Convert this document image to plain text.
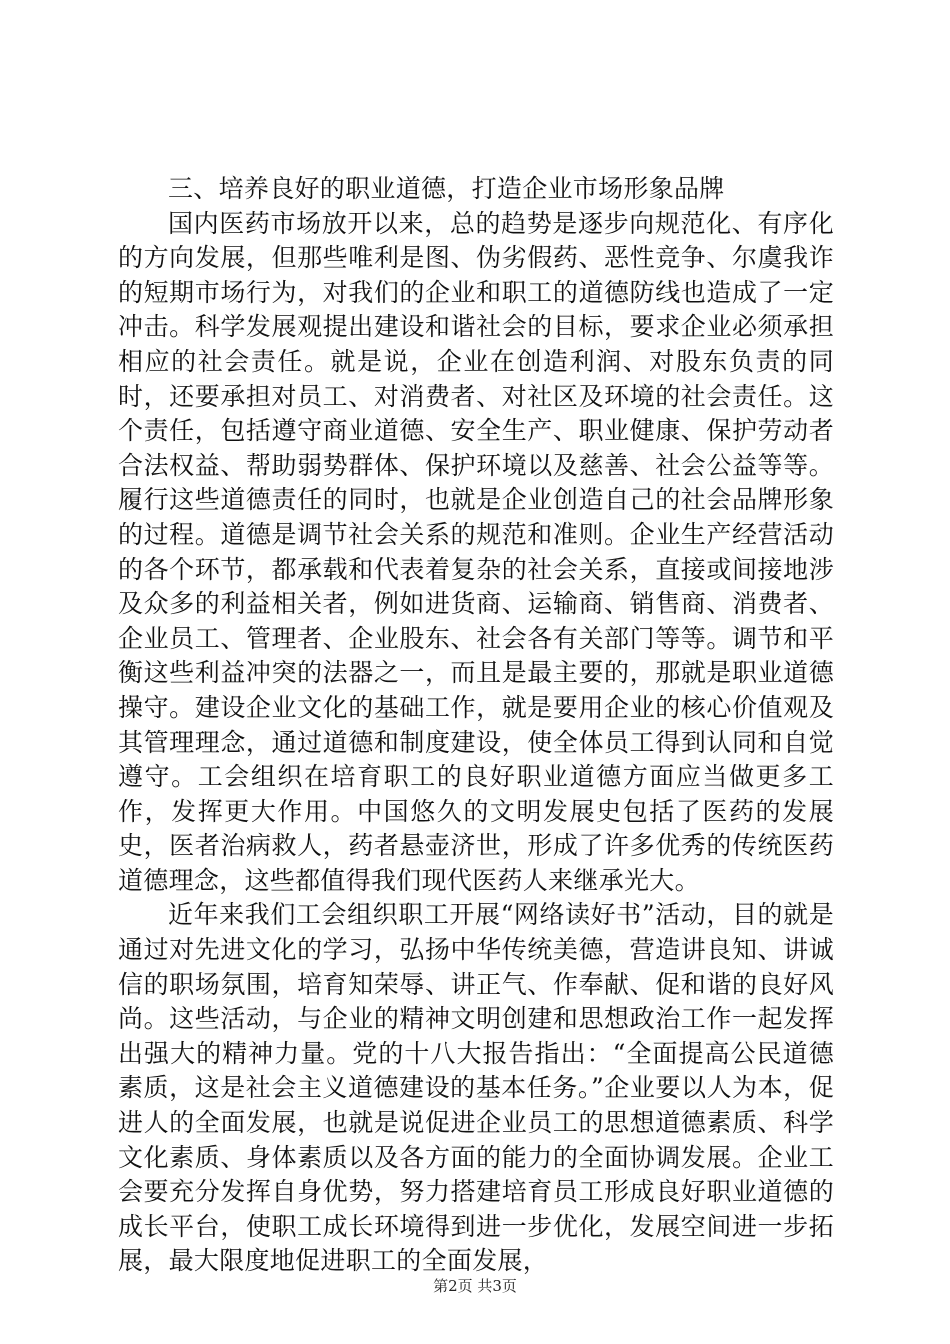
三、培养良好的职业道德，打造企业市场形象品牌

国内医药市场放开以来，总的趋势是逐步向规范化、有序化的方向发展，但那些唯利是图、伪劣假药、恶性竞争、尔虞我诈的短期市场行为，对我们的企业和职工的道德防线也造成了一定冲击。科学发展观提出建设和谐社会的目标，要求企业必须承担相应的社会责任。就是说，企业在创造利润、对股东负责的同时，还要承担对员工、对消费者、对社区及环境的社会责任。这个责任，包括遵守商业道德、安全生产、职业健康、保护劳动者合法权益、帮助弱势群体、保护环境以及慈善、社会公益等等。履行这些道德责任的同时，也就是企业创造自己的社会品牌形象的过程。道德是调节社会关系的规范和准则。企业生产经营活动的各个环节，都承载和代表着复杂的社会关系，直接或间接地涉及众多的利益相关者，例如进货商、运输商、销售商、消费者、企业员工、管理者、企业股东、社会各有关部门等等。调节和平衡这些利益冲突的法器之一，而且是最主要的，那就是职业道德操守。建设企业文化的基础工作，就是要用企业的核心价值观及其管理理念，通过道德和制度建设，使全体员工得到认同和自觉遵守。工会组织在培育职工的良好职业道德方面应当做更多工作，发挥更大作用。中国悠久的文明发展史包括了医药的发展史，医者治病救人，药者悬壶济世，形成了许多优秀的传统医药道德理念，这些都值得我们现代医药人来继承光大。

近年来我们工会组织职工开展“网络读好书”活动，目的就是通过对先进文化的学习，弘扬中华传统美德，营造讲良知、讲诚信的职场氛围，培育知荣辱、讲正气、作奉献、促和谐的良好风尚。这些活动，与企业的精神文明创建和思想政治工作一起发挥出强大的精神力量。党的十八大报告指出：“全面提高公民道德素质，这是社会主义道德建设的基本任务。”企业要以人为本，促进人的全面发展，也就是说促进企业员工的思想道德素质、科学文化素质、身体素质以及各方面的能力的全面协调发展。企业工会要充分发挥自身优势，努力搭建培育员工形成良好职业道德的成长平台，使职工成长环境得到进一步优化，发展空间进一步拓展，最大限度地促进职工的全面发展，

第2页 共3页
